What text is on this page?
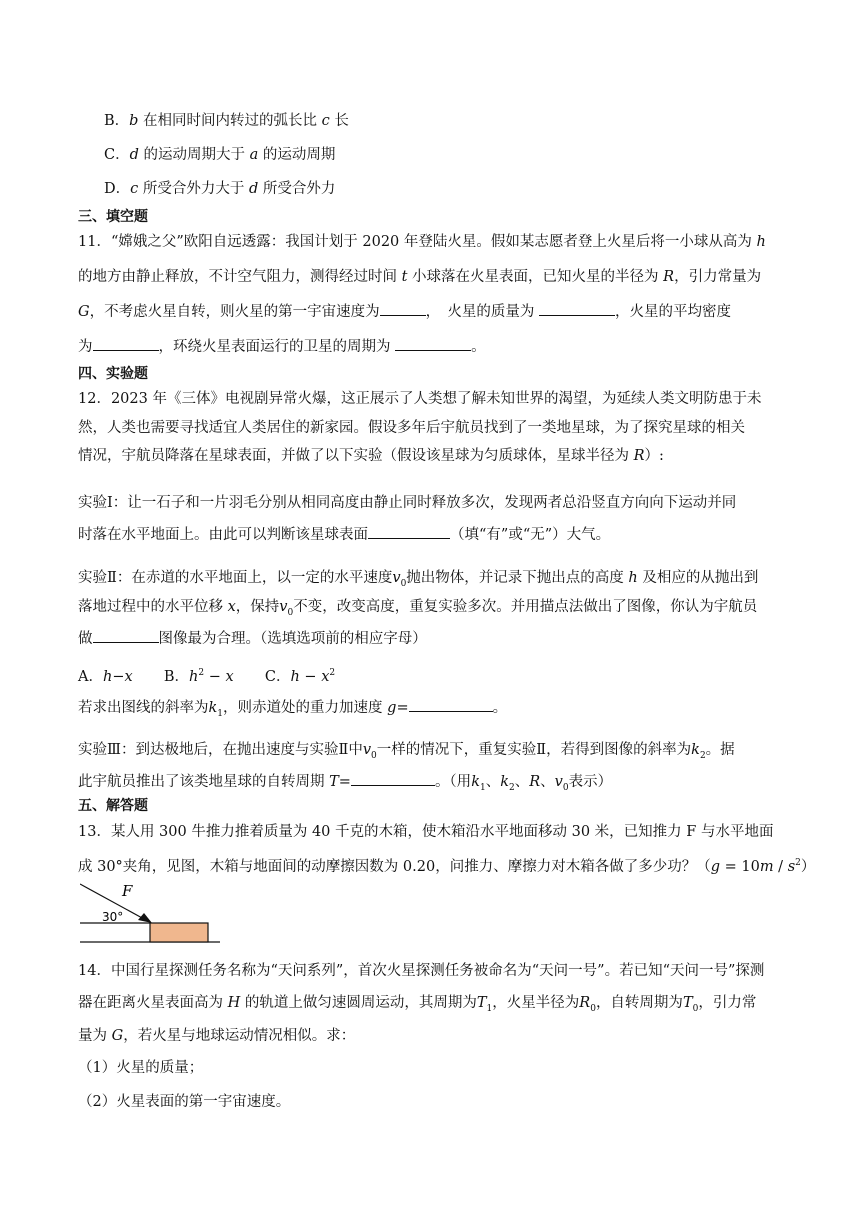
B．b 在相同时间内转过的弧长比 c 长
C．d 的运动周期大于 a 的运动周期
D．c 所受合外力大于 d 所受合外力
三、填空题
11．“嫦娥之父”欧阳自远透露：我国计划于 2020 年登陆火星。假如某志愿者登上火星后将一小球从高为 h
的地方由静止释放，不计空气阻力，测得经过时间 t 小球落在火星表面，已知火星的半径为 R，引力常量为
G，不考虑火星自转，则火星的第一宇宙速度为	，　火星的质量为	，火星的平均密度
为	，环绕火星表面运行的卫星的周期为	。
四、实验题
12．2023 年《三体》电视剧异常火爆，这正展示了人类想了解未知世界的渴望，为延续人类文明防患于未
然，人类也需要寻找适宜人类居住的新家园。假设多年后宇航员找到了一类地星球，为了探究星球的相关
情况，宇航员降落在星球表面，并做了以下实验（假设该星球为匀质球体，星球半径为 R）:
实验Ⅰ：让一石子和一片羽毛分别从相同高度由静止同时释放多次，发现两者总沿竖直方向向下运动并同
时落在水平地面上。由此可以判断该星球表面	（填“有”或“无”）大气。
实验Ⅱ：在赤道的水平地面上，以一定的水平速度$v_0$抛出物体，并记录下抛出点的高度 h 及相应的从抛出到
落地过程中的水平位移 x，保持$v_0$不变，改变高度，重复实验多次。并用描点法做出了图像，你认为宇航员
做	图像最为合理。（选填选项前的相应字母）
A．h−x B．$h^2 - x$ C．$h - x^2$
若求出图线的斜率为$k_1$，则赤道处的重力加速度 g=	。
实验Ⅲ：到达极地后，在抛出速度与实验Ⅱ中$v_0$一样的情况下，重复实验Ⅱ，若得到图像的斜率为$k_2$。据
此宇航员推出了该类地星球的自转周期 T=	。（用$k_1$、$k_2$、R、$v_0$表示）
五、解答题
13．某人用 300 牛推力推着质量为 40 千克的木箱，使木箱沿水平地面移动 30 米，已知推力 F 与水平地面
成 30°夹角，见图，木箱与地面间的动摩擦因数为 0.20，问推力、摩擦力对木箱各做了多少功？$(g = 10m / s^2)$
F
30°
14．中国行星探测任务名称为“天问系列”，首次火星探测任务被命名为“天问一号”。若已知“天问一号”探测
器在距离火星表面高为 H 的轨道上做匀速圆周运动，其周期为$T_1$，火星半径为$R_0$，自转周期为$T_0$，引力常
量为 G，若火星与地球运动情况相似。求：
（1）火星的质量；
（2）火星表面的第一宇宙速度。
